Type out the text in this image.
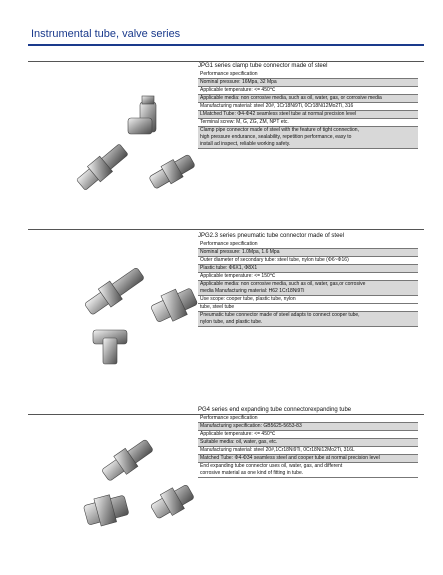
Instrumental tube, valve series
JPG1 series clamp tube connector made of steel
Performance specification
Nominal pressure: 16Mpa, 32 Mpa
Applicable temperature: <= 450℃
Applicable media: non corrosive media, such as oil, water, gas, or corrosive media
Manufacturing material: steel 20#, 1Cr18Ni9Ti, 0Cr18Ni12Mo2Ti, 316
LMatched Tube: Φ4-Φ42 seamless steel tube at normal precision level
Terminal screw: M, G, ZG, ZM, NPT etc.
Clamp pipe connector made of steel with the feature of tight connection,
high pressure endurance, sealability, repetition performance, easy to
install ad inspect, reliable working safety.
JPG2.3 series pneumatic tube connector made of steel
Performance specification
Nominal pressure: 1.0Mpa, 1.6 Mpa
Outer diameter of secondary tube: steel tube, nylon tube (Φ6~Φ16)
Plastic tube: Φ6X1, Φ8X1
Applicable temperature: <= 150℃
Applicable media: non corrosive media, such as oil, water, gas,or corrosive
media Manufacturing material: H62 1Cr18Ni9Ti
Use scope: cooper tube, plastic tube, nylon
tube, steel tube
Pneumatic tube connector made of steel adapts to connect cooper tube,
nylon tube, and plastic tube.
PG4 series end expanding tube connectorexpanding tube
Performance specification
Manufacturing specification: GB5625-5653-83
Applicable temperature: <= 450℃
Suitable media: oil, water, gas, etc.
Manufacturing material: steel 20#,1Cr18Ni9Ti, 0Cr18Ni12Mo2Ti, 316L
Matched Tube: Φ4-Φ34 seamless steel and cooper tube at normal precision level
End expanding tube connector uses oil, water, gas, and different
corrosive material as one kind of fitting in tube.
